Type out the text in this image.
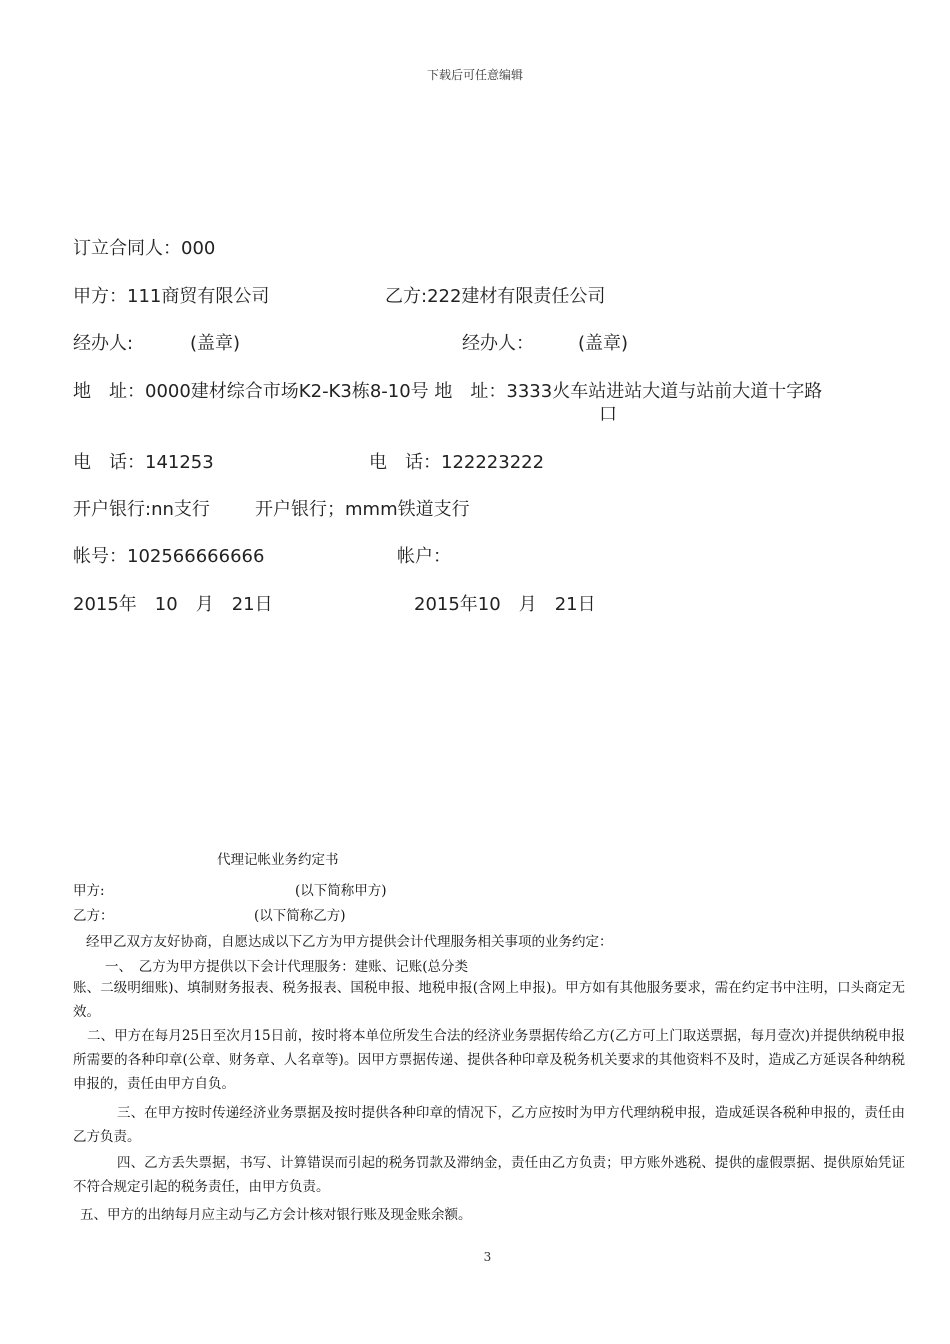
下载后可任意编辑
订立合同人：000
甲方：111商贸有限公司	乙方:222建材有限责任公司
经办人:	(盖章)	经办人： (盖章)
地　址：0000建材综合市场K2-K3栋8-10号 地　址：3333火车站进站大道与站前大道十字路
口
电　话：141253	电　话：122223222
开户银行:nn支行	开户银行；mmm铁道支行
帐号：102566666666	帐户：
2015年　10　月　21日	2015年10　月　21日
代理记帐业务约定书
甲方:	(以下简称甲方)
乙方：	(以下简称乙方)
经甲乙双方友好协商，自愿达成以下乙方为甲方提供会计代理服务相关事项的业务约定：
一、　乙方为甲方提供以下会计代理服务：建账、记账(总分类
账、二级明细账)、填制财务报表、税务报表、国税申报、地税申报(含网上申报)。甲方如有其他服务要求，需在约定书中注明，口头商定无效。
二、甲方在每月25日至次月15日前，按时将本单位所发生合法的经济业务票据传给乙方(乙方可上门取送票据，每月壹次)并提供纳税申报所需要的各种印章(公章、财务章、人名章等)。因甲方票据传递、提供各种印章及税务机关要求的其他资料不及时，造成乙方延误各种纳税申报的，责任由甲方自负。
三、在甲方按时传递经济业务票据及按时提供各种印章的情况下，乙方应按时为甲方代理纳税申报，造成延误各税种申报的，责任由乙方负责。
四、乙方丢失票据，书写、计算错误而引起的税务罚款及滞纳金，责任由乙方负责；甲方账外逃税、提供的虚假票据、提供原始凭证不符合规定引起的税务责任，由甲方负责。
五、甲方的出纳每月应主动与乙方会计核对银行账及现金账余额。
3
